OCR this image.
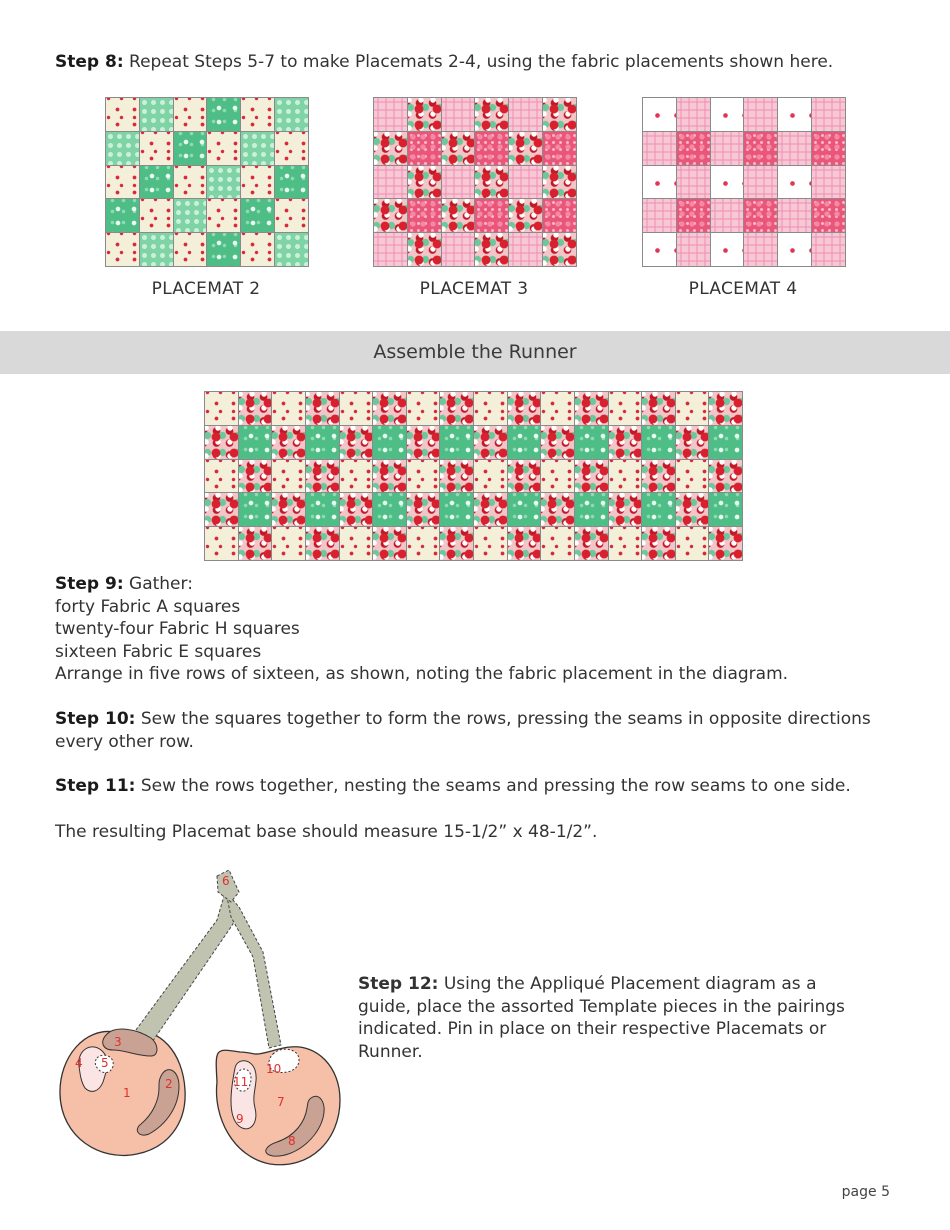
Step 8: Repeat Steps 5-7 to make Placemats 2-4, using the fabric placements shown here.

PLACEMAT 2	PLACEMAT 3	PLACEMAT 4
Assemble the Runner
Step 9: Gather:
forty Fabric A squares
twenty-four Fabric H squares
sixteen Fabric E squares
Arrange in five rows of sixteen, as shown, noting the fabric placement in the diagram.

Step 10: Sew the squares together to form the rows, pressing the seams in opposite directions every other row.

Step 11: Sew the rows together, nesting the seams and pressing the row seams to one side.

The resulting Placemat base should measure 15-1/2” x 48-1/2”.

1
2
3
4 5
6
7
8
9
10
11

Step 12: Using the Appliqué Placement diagram as a guide, place the assorted Template pieces in the pairings indicated. Pin in place on their respective Placemats or Runner.

page 5
